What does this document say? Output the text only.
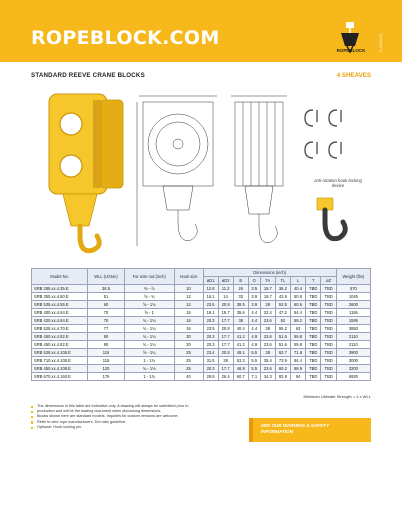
ROPEBLOCK.COM
ROPEBLOCK	V-1224-01
STANDARD REEVE CRANE BLOCKS	4 SHEAVES
anti-rotation hook locking device
Model No.	WLL (USton)	For wire rod (inch)	Hook size	Dimensions (inch)									Weight (lbs)
				øD1	øD2	B	O	TA	TL	L	T	øZ	
SRB 285.xx.4.35.E	38.5	⅜ - ⅞	10	12.8	11.2	26	3.5	15.7	36.2	40.4	TBD	TBD	570
SRB 355.xx.4.50.E	51	⅝ - ¾	12	16.1	14	33	3.9	19.7	43.9	50.8	TBD	TBD	1045
SRB 535.xx.4.55.E	60	⅝ - 1⅛	12	23.5	20.8	38.5	3.9	28	53.5	60.6	TBD	TBD	2600
SRB 400.xx.4.64.E	70	⅝ - 1	16	18.1	15.7	35.6	4.4	22.4	47.2	54.4	TBD	TBD	1155
SRB 420.xx.4.64.E	70	¾ - 1⅛	16	20.3	17.7	38	4.4	23.6	52	59.2	TBD	TBD	1595
SRB 528.xx.4.70.E	77	¾ - 1⅛	16	23.5	20.8	40.4	4.4	28	55.2	63	TBD	TBD	3850
SRB 450.xx.4.82.E	90	¾ - 1⅛	20	20.3	17.7	41.2	4.9	23.6	51.6	59.8	TBD	TBD	2110
SRB 450.xx.4.82.E	90	¾ - 1⅛	20	20.3	17.7	41.2	4.9	23.6	51.6	59.8	TBD	TBD	2110
SRB 528.xx.4.105.E	115	⅝ - 1¼	25	23.4	20.8	48.1	5.5	28	62.7	71.8	TBD	TBD	3900
SRB 710.xx.4.105.E	115	1 - 1¾	25	31.5	28	53.3	5.5	35.4	73.9	84.4	TBD	TBD	3000
SRB 450.xx.4.108.E	120	¾ - 1⅛	25	20.3	17.7	46.8	5.5	23.6	60.2	68.9	TBD	TBD	3200
SRB 670.xx.4.160.E	176	1 - 1¾	40	29.8	26.4	60.7	7.1	34.3	82.9	94	TBD	TBD	6930
Minimum Ultimate Strength = 4 x WLL
The dimensions in this table are indicative only. A drawing will always be submitted prior to
production and will be the leading document when discussing dimensions.
Blocks shown here are standard models. Inquiries for custom versions are welcome.
Refer to wire rope manufacturers. D/d ratio guideline.
Optional: Hook locking pin.	SEE OUR WARNING & SAFETY INFORMATION
